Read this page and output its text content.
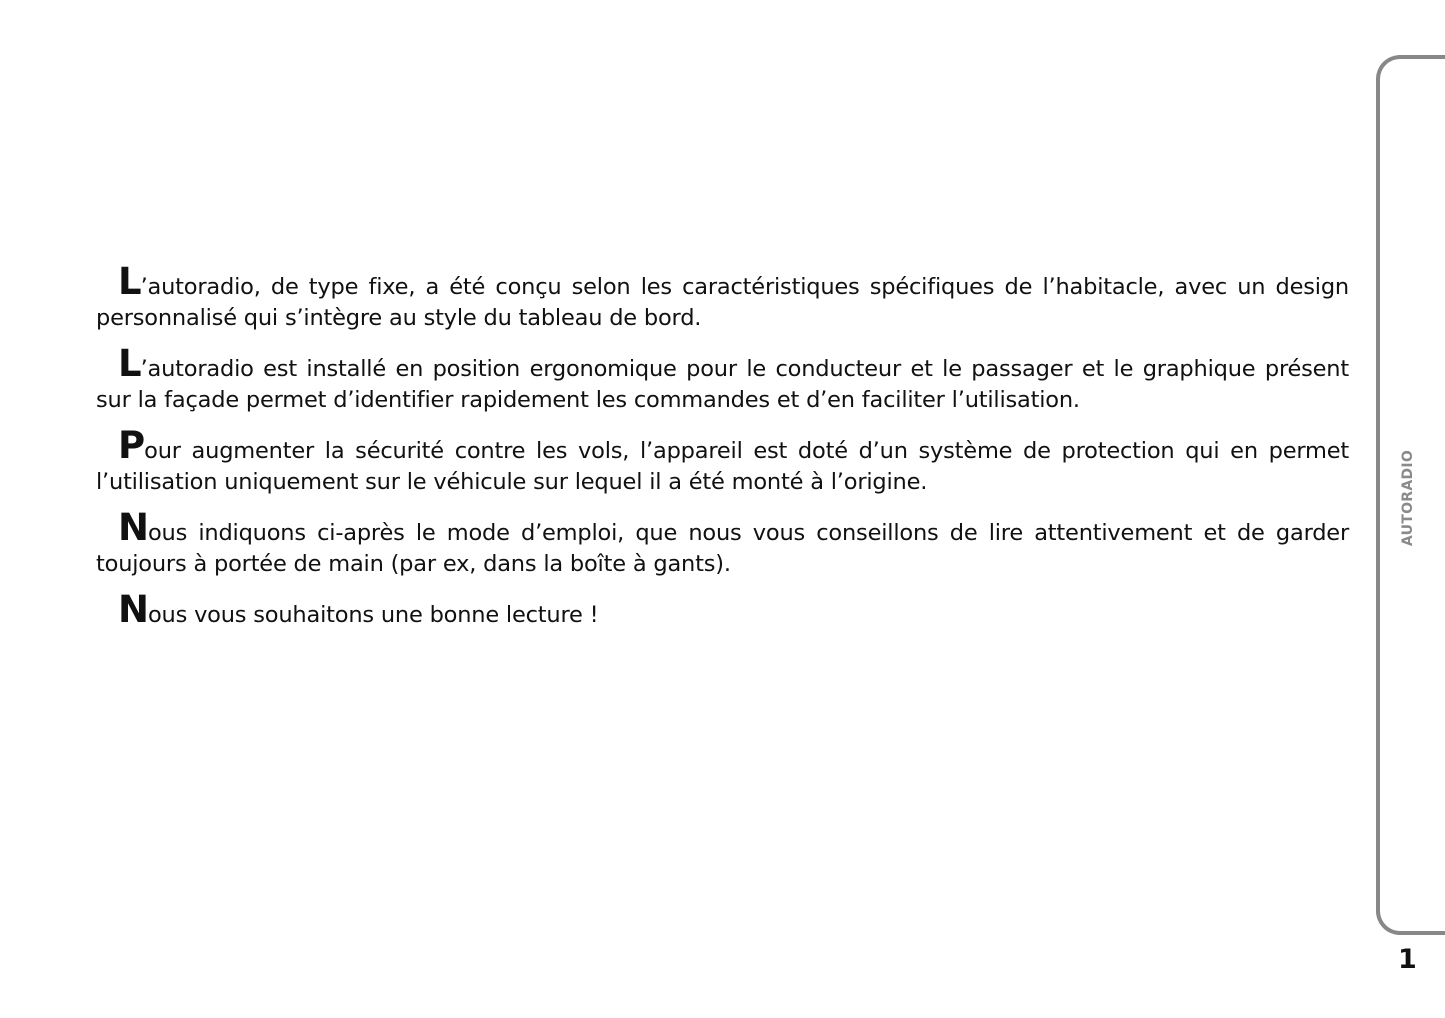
L’autoradio, de type fixe, a été conçu selon les caractéristiques spécifiques de l’habitacle, avec un design personnalisé qui s’intègre au style du tableau de bord.

L’autoradio est installé en position ergonomique pour le conducteur et le passager et le graphique présent sur la façade permet d’identifier rapidement les commandes et d’en faciliter l’utilisation.

Pour augmenter la sécurité contre les vols, l’appareil est doté d’un système de protection qui en permet l’utilisation uniquement sur le véhicule sur lequel il a été monté à l’origine.

Nous indiquons ci-après le mode d’emploi, que nous vous conseillons de lire attentivement et de garder toujours à portée de main (par ex, dans la boîte à gants).

Nous vous souhaitons une bonne lecture !

AUTORADIO
1
